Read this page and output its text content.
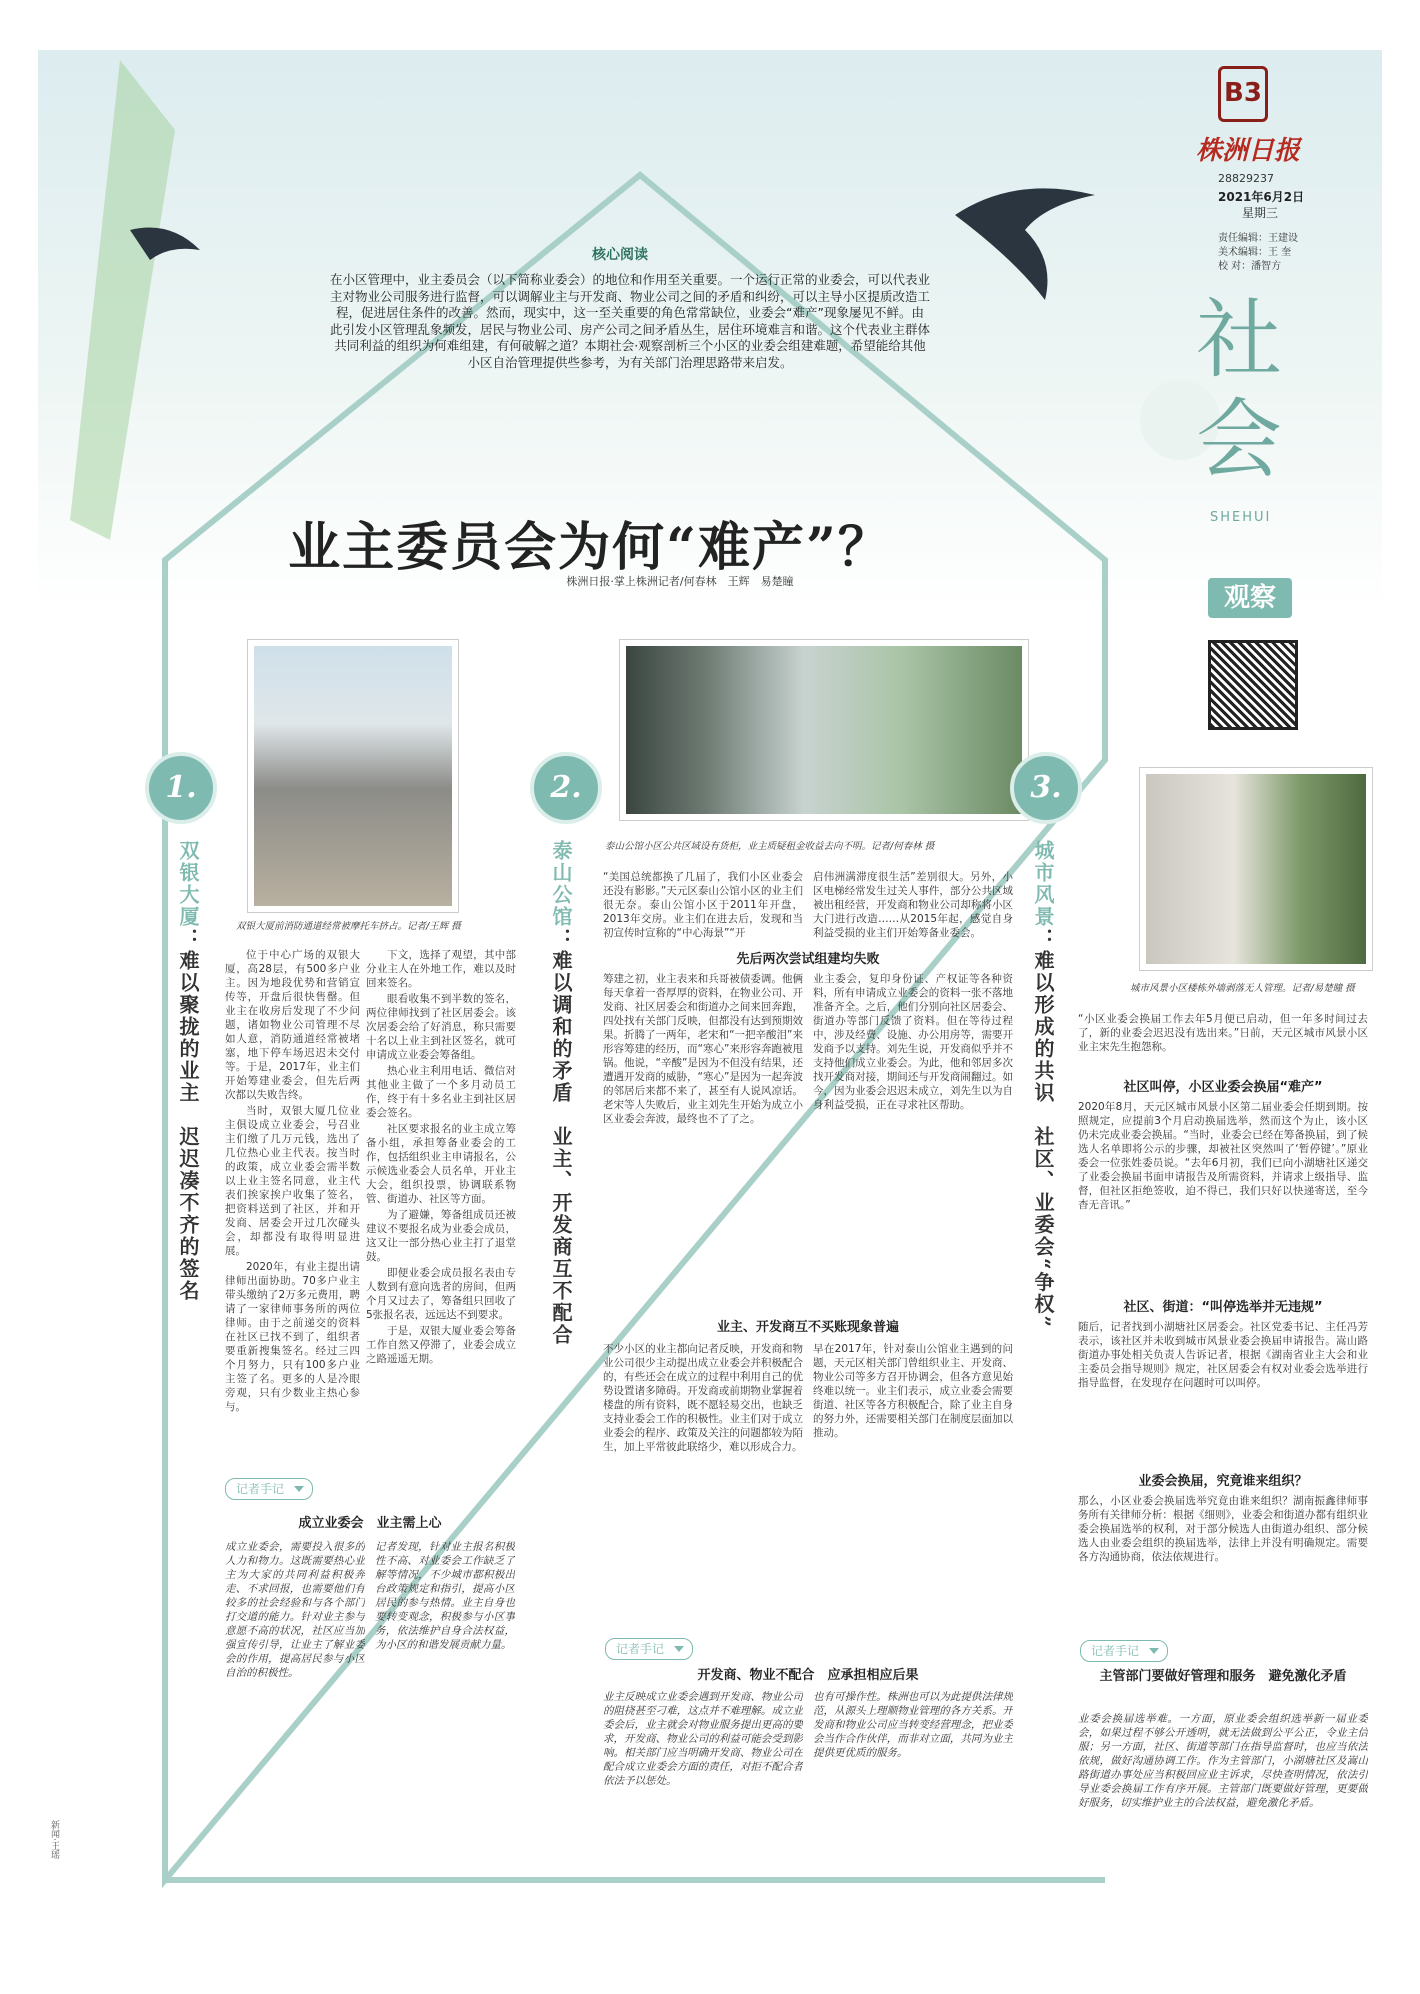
B3
株洲日报
28829237
2021年6月2日
星期三
责任编辑：王建设
美术编辑：王 奎
校 对：潘智方
社会
SHEHUI
观察
核心阅读
在小区管理中，业主委员会（以下简称业委会）的地位和作用至关重要。一个运行正常的业委会，可以代表业主对物业公司服务进行监督，可以调解业主与开发商、物业公司之间的矛盾和纠纷，可以主导小区提质改造工程，促进居住条件的改善。然而，现实中，这一至关重要的角色常常缺位，业委会“难产”现象屡见不鲜。由此引发小区管理乱象频发，居民与物业公司、房产公司之间矛盾丛生，居住环境难言和谐。这个代表业主群体共同利益的组织为何难组建，有何破解之道？本期社会·观察剖析三个小区的业委会组建难题，希望能给其他小区自治管理提供些参考，为有关部门治理思路带来启发。
业主委员会为何“难产”？
株洲日报·掌上株洲记者/何春林　王辉　易楚瞳
1.
双银大厦：难以聚拢的业主　迟迟凑不齐的签名
双银大厦前消防通道经常被摩托车挤占。记者/王辉 摄

位于中心广场的双银大厦，高28层，有500多户业主。因为地段优势和营销宣传等，开盘后很快售罄。但业主在收房后发现了不少问题，诸如物业公司管理不尽如人意，消防通道经常被堵塞，地下停车场迟迟未交付等。于是，2017年，业主们开始筹建业委会，但先后两次都以失败告终。

当时，双银大厦几位业主俱设成立业委会，号召业主们缴了几万元钱，选出了几位热心业主代表。按当时的政策，成立业委会需半数以上业主签名同意，业主代表们挨家挨户收集了签名，把资料送到了社区，并和开发商、居委会开过几次碰头会，却都没有取得明显进展。

2020年，有业主提出请律师出面协助。70多户业主带头缴纳了2万多元费用，聘请了一家律师事务所的两位律师。由于之前递交的资料在社区已找不到了，组织者要重新搜集签名。经过三四个月努力，只有100多户业主签了名。更多的人是冷眼旁观，只有少数业主热心参与。

下文，选择了观望，其中部分业主人在外地工作，难以及时回来签名。

眼看收集不到半数的签名，两位律师找到了社区居委会。该次居委会给了好消息，称只需要十名以上业主到社区签名，就可申请成立业委会筹备组。

热心业主利用电话、微信对其他业主做了一个多月动员工作，终于有十多名业主到社区居委会签名。

社区要求报名的业主成立筹备小组，承担筹备业委会的工作，包括组织业主申请报名，公示候选业委会人员名单，开业主大会，组织投票，协调联系物管、街道办、社区等方面。

为了避嫌，筹备组成员还被建议不要报名成为业委会成员，这又让一部分热心业主打了退堂鼓。

即便业委会成员报名表由专人数到有意向选者的房间，但两个月又过去了，筹备组只回收了5张报名表，远远达不到要求。

于是，双银大厦业委会筹备工作自然又停滞了，业委会成立之路遥遥无期。

记者手记
成立业委会　业主需上心
成立业委会，需要投入很多的人力和物力。这既需要热心业主为大家的共同利益积极奔走、不求回报，也需要他们有较多的社会经验和与各个部门打交道的能力。针对业主参与意愿不高的状况，社区应当加强宣传引导，让业主了解业委会的作用，提高居民参与小区自治的积极性。
记者发现，针对业主报名积极性不高、对业委会工作缺乏了解等情况，不少城市都积极出台政策规定和指引，提高小区居民的参与热情。业主自身也要转变观念，积极参与小区事务，依法维护自身合法权益，为小区的和谐发展贡献力量。
2.
泰山公馆：难以调和的矛盾　业主、开发商互不配合
泰山公馆小区公共区域设有货柜，业主质疑租金收益去向不明。记者/何春林 摄
“美国总统都换了几届了，我们小区业委会还没有影影。”天元区泰山公馆小区的业主们很无奈。泰山公馆小区于2011年开盘，2013年交房。业主们在进去后，发现和当初宣传时宣称的“中心海景”“开
启伟洲满滞度很生活”差别很大。另外，小区电梯经常发生过关人事件，部分公共区域被出租经营，开发商和物业公司却称将小区大门进行改造……从2015年起，感觉自身利益受损的业主们开始筹备业委会。
先后两次尝试组建均失败
筹建之初，业主表来和兵哥被债委调。他俩每天拿着一沓厚厚的资料，在物业公司、开发商、社区居委会和街道办之间来回奔跑，四处找有关部门反映，但都没有达到预期效果。折腾了一两年，老宋和“一把辛酸泪”来形容筹建的经历，而“寒心”来形容奔跑被甩锅。他说，“辛酸”是因为不但没有结果，还遭遇开发商的威胁，“寒心”是因为一起奔波的邻居后来都不来了，甚至有人说风凉话。老宋等人失败后，业主刘先生开始为成立小区业委会奔波，最终也不了了之。
业主委会，复印身份证、产权证等各种资料，所有申请成立业委会的资料一张不落地准备齐全。之后，他们分别向社区居委会、街道办等部门反馈了资料。但在等待过程中，涉及经费、设施、办公用房等，需要开发商予以支持。刘先生说，开发商似乎并不支持他们成立业委会。为此，他和邻居多次找开发商对接，期间还与开发商闹翻过。如今，因为业委会迟迟未成立，刘先生以为自身利益受损，正在寻求社区帮助。
业主、开发商互不买账现象普遍
不少小区的业主都向记者反映，开发商和物业公司很少主动提出成立业委会并积极配合的，有些还会在成立的过程中利用自己的优势设置诸多障碍。开发商或前期物业掌握着楼盘的所有资料，既不愿轻易交出，也缺乏支持业委会工作的积极性。业主们对于成立业委会的程序、政策及关注的问题都较为陌生，加上平常彼此联络少，难以形成合力。
早在2017年，针对泰山公馆业主遇到的问题，天元区相关部门曾组织业主、开发商、物业公司等多方召开协调会，但各方意见始终难以统一。业主们表示，成立业委会需要街道、社区等各方积极配合，除了业主自身的努力外，还需要相关部门在制度层面加以推动。
记者手记
开发商、物业不配合　应承担相应后果
业主反映成立业委会遇到开发商、物业公司的阻挠甚至刁难，这点并不难理解。成立业委会后，业主就会对物业服务提出更高的要求，开发商、物业公司的利益可能会受到影响。相关部门应当明确开发商、物业公司在配合成立业委会方面的责任，对拒不配合者依法予以惩处。
也有可操作性。株洲也可以为此提供法律规范，从源头上理顺物业管理的各方关系。开发商和物业公司应当转变经营理念，把业委会当作合作伙伴，而非对立面，共同为业主提供更优质的服务。
3.
城市风景：难以形成的共识　社区、业委会“争权”	城市风景小区楼栋外墙剥落无人管理。记者/易楚瞳 摄
“小区业委会换届工作去年5月便已启动，但一年多时间过去了，新的业委会迟迟没有选出来。”日前，天元区城市风景小区业主宋先生抱怨称。
社区叫停，小区业委会换届“难产”
2020年8月，天元区城市风景小区第二届业委会任期到期。按照规定，应提前3个月启动换届选举，然而这个为止，该小区仍未完成业委会换届。“当时，业委会已经在筹备换届，到了候选人名单即将公示的步骤，却被社区突然叫了‘暂停键’。”原业委会一位张姓委员说。“去年6月初，我们已向小湖塘社区递交了业委会换届书面申请报告及所需资料，并请求上级指导、监督，但社区拒绝签收，迫不得已，我们只好以快递寄送，至今杳无音讯。”
社区、街道：“叫停选举并无违规”
随后，记者找到小湖塘社区居委会。社区党委书记、主任冯芳表示，该社区并未收到城市风景业委会换届申请报告。嵩山路街道办事处相关负责人告诉记者，根据《湖南省业主大会和业主委员会指导规则》规定，社区居委会有权对业委会选举进行指导监督，在发现存在问题时可以叫停。
业委会换届，究竟谁来组织？
那么，小区业委会换届选举究竟由谁来组织？湖南振鑫律师事务所有关律师分析：根据《细则》，业委会和街道办都有组织业委会换届选举的权利，对于部分候选人由街道办组织、部分候选人由业委会组织的换届选举，法律上并没有明确规定。需要各方沟通协商，依法依规进行。
记者手记
主管部门要做好管理和服务　避免激化矛盾
业委会换届选举难。一方面，原业委会组织选举新一届业委会，如果过程不够公开透明，就无法做到公平公正，令业主信服；另一方面，社区、街道等部门在指导监督时，也应当依法依规，做好沟通协调工作。作为主管部门，小湖塘社区及嵩山路街道办事处应当积极回应业主诉求，尽快查明情况，依法引导业委会换届工作有序开展。主管部门既要做好管理，更要做好服务，切实维护业主的合法权益，避免激化矛盾。
新闻·王瑶
